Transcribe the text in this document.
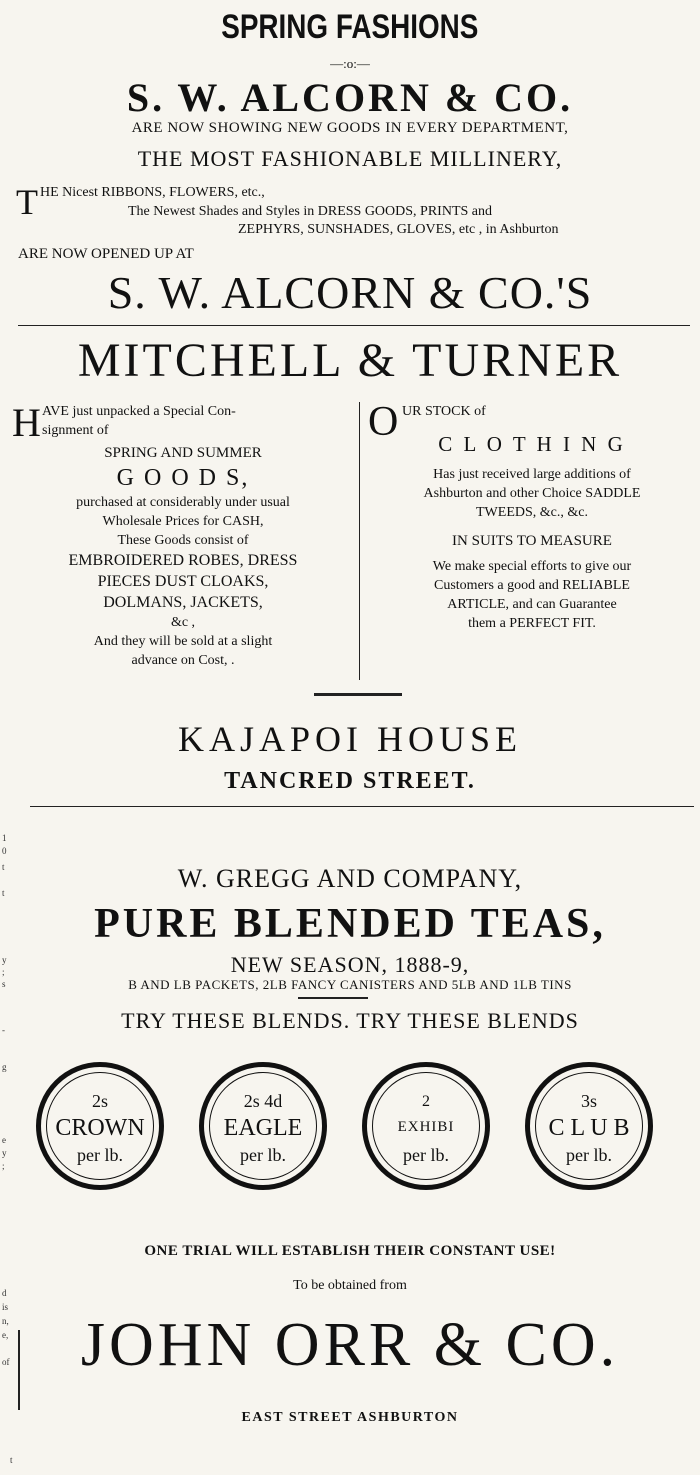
SPRING FASHIONS
—:o:—
S. W. ALCORN & CO.
ARE NOW SHOWING NEW GOODS IN EVERY DEPARTMENT,
THE MOST FASHIONABLE MILLINERY,
T HE Nicest RIBBONS, FLOWERS, etc.,
The Newest Shades and Styles in DRESS GOODS, PRINTS and
ZEPHYRS, SUNSHADES, GLOVES, etc , in Ashburton
ARE NOW OPENED UP AT
S. W. ALCORN & CO.'S
MITCHELL & TURNER
H AVE just unpacked a Special Con-

signment of

SPRING AND SUMMER

G O O D S,

purchased at considerably under usual

Wholesale Prices for CASH,

These Goods consist of

EMBROIDERED ROBES, DRESS

PIECES DUST CLOAKS,

DOLMANS, JACKETS,

&c ,

And they will be sold at a slight

advance on Cost, .

O UR STOCK of

C L O T H I N G

Has just received large additions of

Ashburton and other Choice SADDLE

TWEEDS, &c., &c.

IN SUITS TO MEASURE

We make special efforts to give our

Customers a good and RELIABLE

ARTICLE, and can Guarantee

them a PERFECT FIT.

KAJAPOI HOUSE
TANCRED STREET.
W. GREGG AND COMPANY,
PURE BLENDED TEAS,
NEW SEASON, 1888-9,
B AND LB PACKETS, 2LB FANCY CANISTERS AND 5LB AND 1LB TINS
TRY THESE BLENDS. TRY THESE BLENDS
2s
CROWN
per lb.
2s 4d
EAGLE
per lb.
2
EXHIBI
per lb.
3s
C L U B
per lb.
ONE TRIAL WILL ESTABLISH THEIR CONSTANT USE!
To be obtained from
JOHN ORR & CO.
EAST STREET ASHBURTON
1
0
t
t
y
;
s
-
g
e
y
;
d
is
n,
e,
of
t
